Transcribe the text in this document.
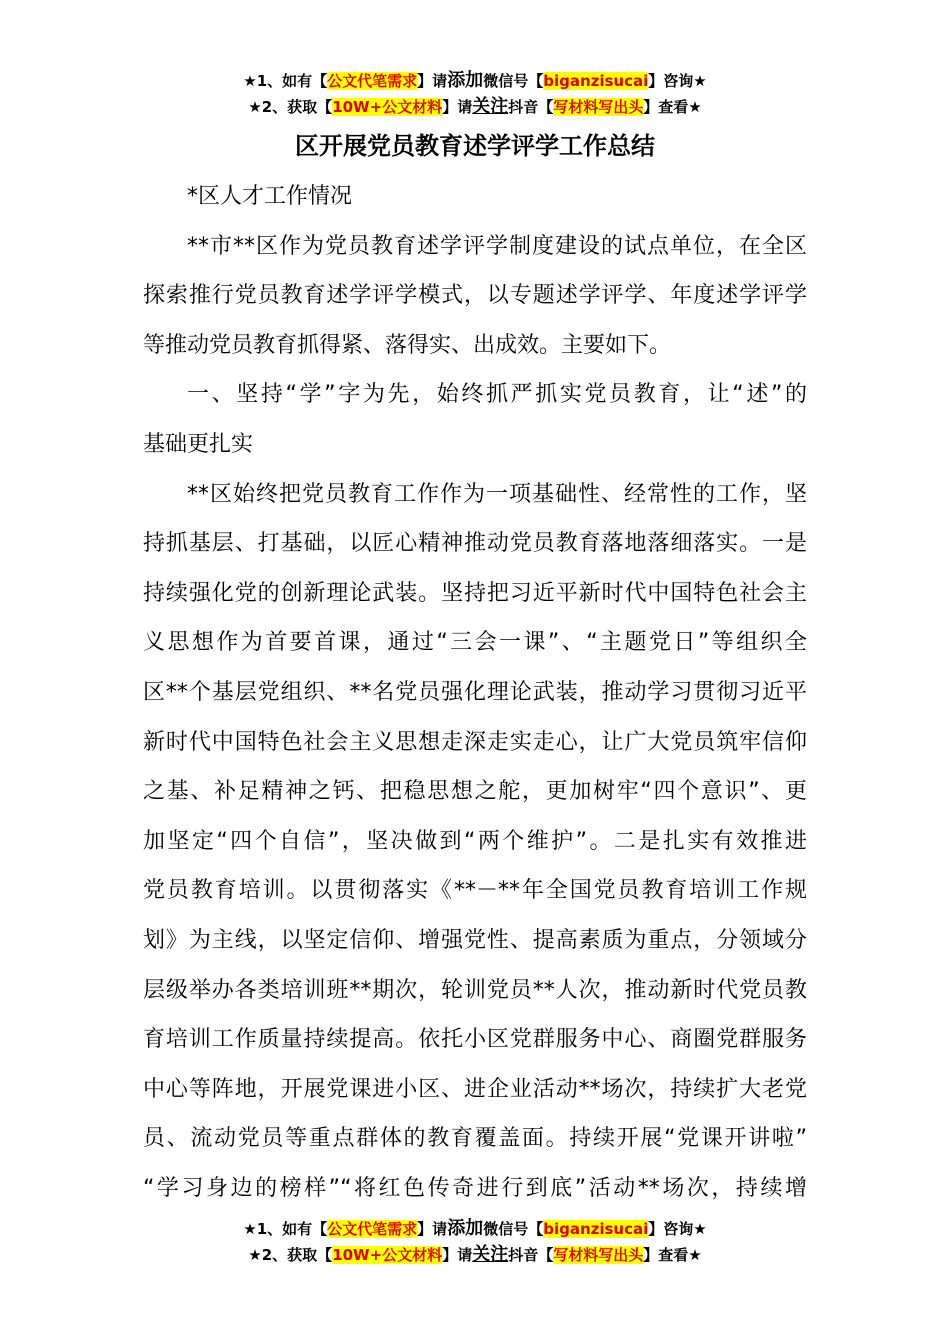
★1、如有【公文代笔需求】请添加微信号【biganzisucai】咨询★
★2、获取【10W+公文材料】请关注抖音【写材料写出头】查看★
区开展党员教育述学评学工作总结
*区人才工作情况
**市**区作为党员教育述学评学制度建设的试点单位，在全区
探索推行党员教育述学评学模式，以专题述学评学、年度述学评学
等推动党员教育抓得紧、落得实、出成效。主要如下。
一、坚持“学”字为先，始终抓严抓实党员教育，让“述”的
基础更扎实
**区始终把党员教育工作作为一项基础性、经常性的工作，坚
持抓基层、打基础，以匠心精神推动党员教育落地落细落实。一是
持续强化党的创新理论武装。坚持把习近平新时代中国特色社会主
义思想作为首要首课，通过“三会一课”、“主题党日”等组织全
区**个基层党组织、**名党员强化理论武装，推动学习贯彻习近平
新时代中国特色社会主义思想走深走实走心，让广大党员筑牢信仰
之基、补足精神之钙、把稳思想之舵，更加树牢“四个意识”、更
加坚定“四个自信”，坚决做到“两个维护”。二是扎实有效推进
党员教育培训。以贯彻落实《**－**年全国党员教育培训工作规
划》为主线，以坚定信仰、增强党性、提高素质为重点，分领域分
层级举办各类培训班**期次，轮训党员**人次，推动新时代党员教
育培训工作质量持续提高。依托小区党群服务中心、商圈党群服务
中心等阵地，开展党课进小区、进企业活动**场次，持续扩大老党
员、流动党员等重点群体的教育覆盖面。持续开展“党课开讲啦”
“学习身边的榜样”“将红色传奇进行到底”活动**场次，持续增
★1、如有【公文代笔需求】请添加微信号【biganzisucai】咨询★
★2、获取【10W+公文材料】请关注抖音【写材料写出头】查看★
